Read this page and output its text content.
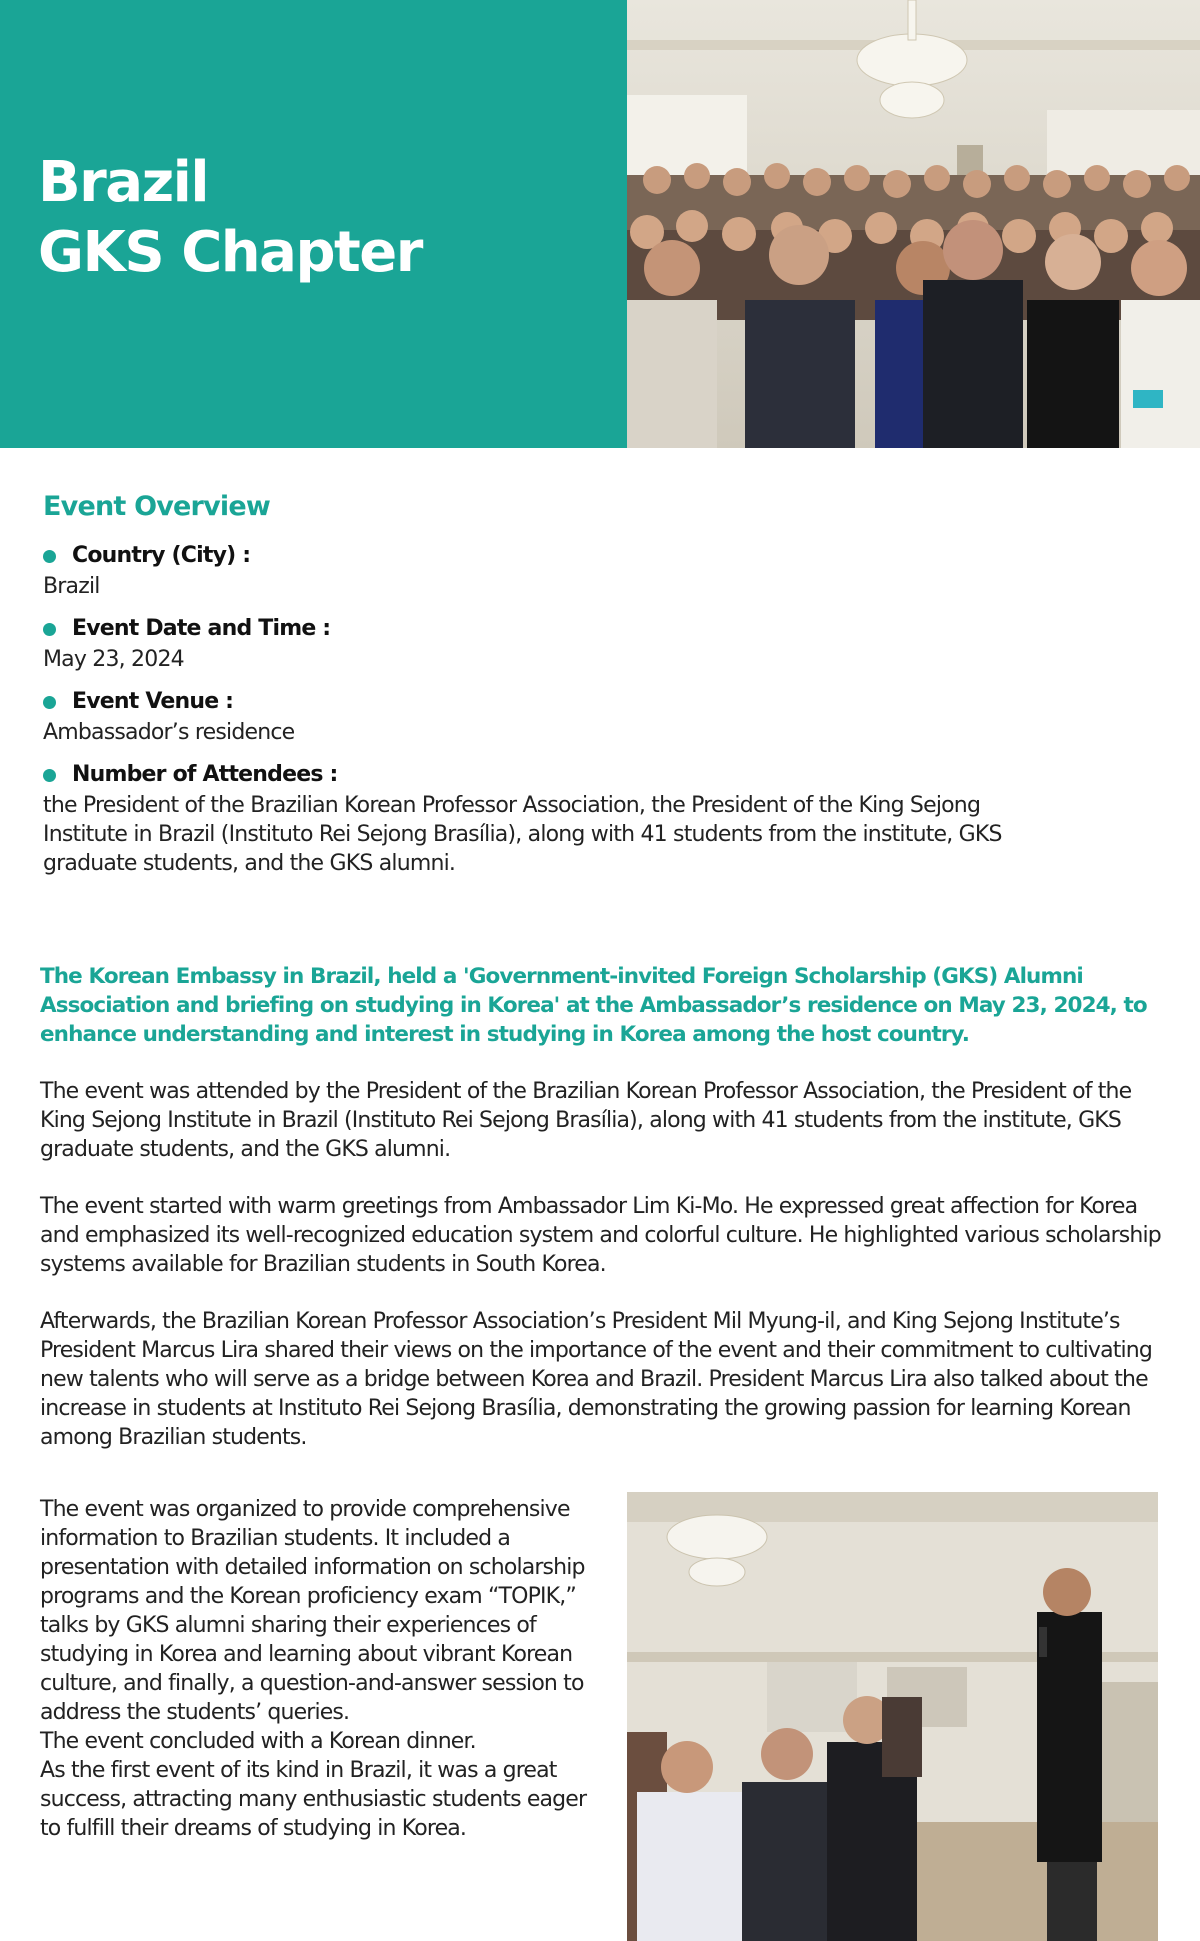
Brazil
GKS Chapter
Event Overview
Country (City) :
Brazil
Event Date and Time :
May 23, 2024
Event Venue :
Ambassador’s residence
Number of Attendees :
the President of the Brazilian Korean Professor Association, the President of the King Sejong Institute in Brazil (Instituto Rei Sejong Brasília), along with 41 students from the institute, GKS graduate students, and the GKS alumni.

The Korean Embassy in Brazil, held a 'Government-invited Foreign Scholarship (GKS) Alumni Association and briefing on studying in Korea' at the Ambassador’s residence on May 23, 2024, to enhance understanding and interest in studying in Korea among the host country.

The event was attended by the President of the Brazilian Korean Professor Association, the President of the King Sejong Institute in Brazil (Instituto Rei Sejong Brasília), along with 41 students from the institute, GKS graduate students, and the GKS alumni.

The event started with warm greetings from Ambassador Lim Ki-Mo. He expressed great affection for Korea and emphasized its well-recognized education system and colorful culture. He highlighted various scholarship systems available for Brazilian students in South Korea.

Afterwards, the Brazilian Korean Professor Association’s President Mil Myung-il, and King Sejong Institute’s President Marcus Lira shared their views on the importance of the event and their commitment to cultivating new talents who will serve as a bridge between Korea and Brazil. President Marcus Lira also talked about the increase in students at Instituto Rei Sejong Brasília, demonstrating the growing passion for learning Korean among Brazilian students.

The event was organized to provide comprehensive information to Brazilian students. It included a presentation with detailed information on scholarship programs and the Korean proficiency exam “TOPIK,” talks by GKS alumni sharing their experiences of studying in Korea and learning about vibrant Korean culture, and finally, a question-and-answer session to address the students’ queries.
The event concluded with a Korean dinner.
As the first event of its kind in Brazil, it was a great success, attracting many enthusiastic students eager to fulfill their dreams of studying in Korea.
